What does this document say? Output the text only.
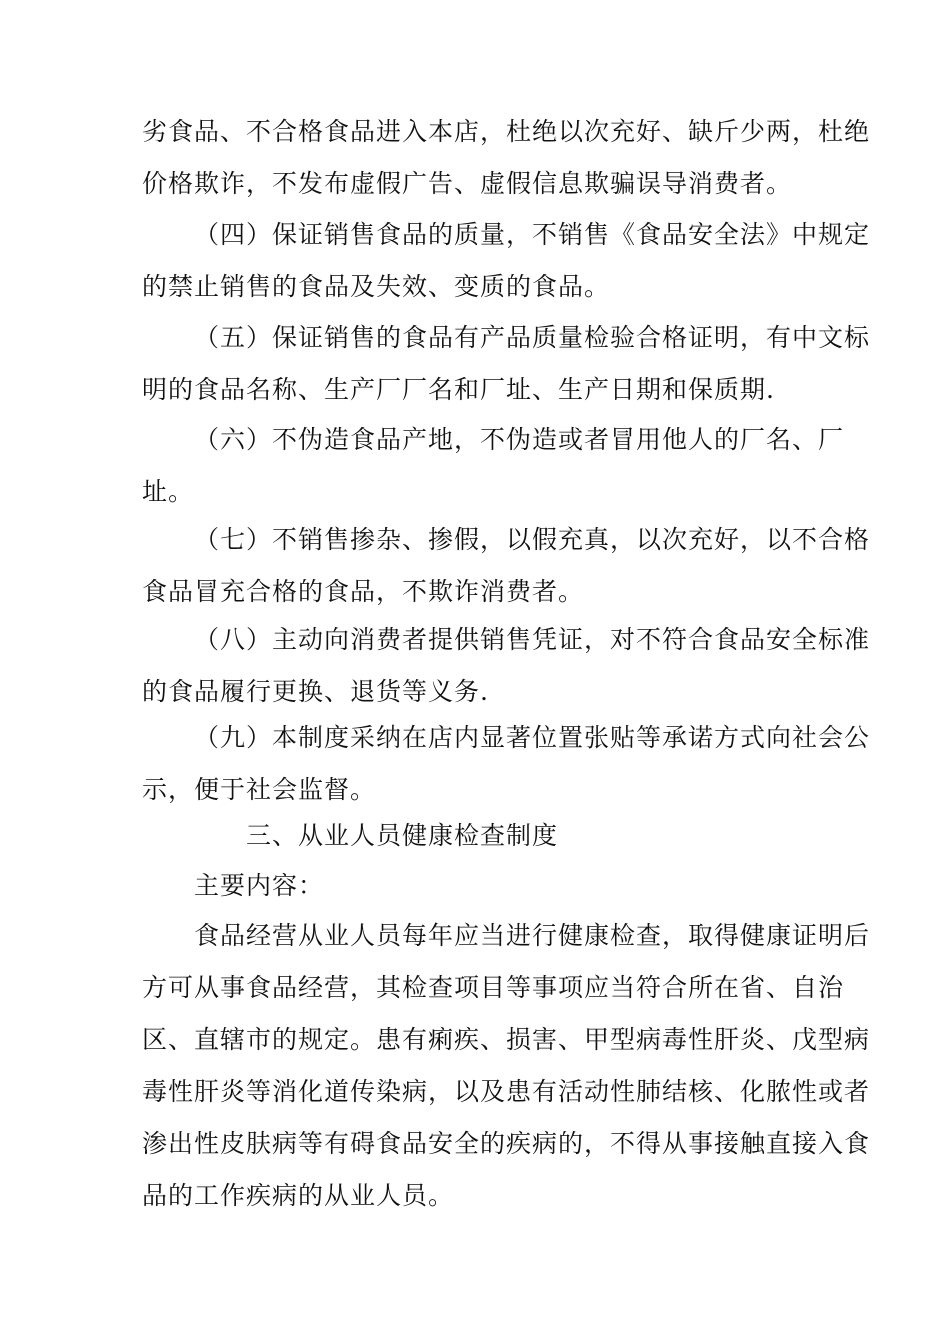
劣食品、不合格食品进入本店，杜绝以次充好、缺斤少两，杜绝
价格欺诈，不发布虚假广告、虚假信息欺骗误导消费者。

（四）保证销售食品的质量，不销售《食品安全法》中规定
的禁止销售的食品及失效、变质的食品。

（五）保证销售的食品有产品质量检验合格证明，有中文标
明的食品名称、生产厂厂名和厂址、生产日期和保质期.

（六）不伪造食品产地，不伪造或者冒用他人的厂名、厂
址。

（七）不销售掺杂、掺假，以假充真，以次充好，以不合格
食品冒充合格的食品，不欺诈消费者。

（八）主动向消费者提供销售凭证，对不符合食品安全标准
的食品履行更换、退货等义务.

（九）本制度采纳在店内显著位置张贴等承诺方式向社会公
示，便于社会监督。

三、从业人员健康检查制度

主要内容：

食品经营从业人员每年应当进行健康检查，取得健康证明后
方可从事食品经营，其检查项目等事项应当符合所在省、自治
区、直辖市的规定。患有痢疾、损害、甲型病毒性肝炎、戊型病
毒性肝炎等消化道传染病，以及患有活动性肺结核、化脓性或者
渗出性皮肤病等有碍食品安全的疾病的，不得从事接触直接入食
品的工作疾病的从业人员。
